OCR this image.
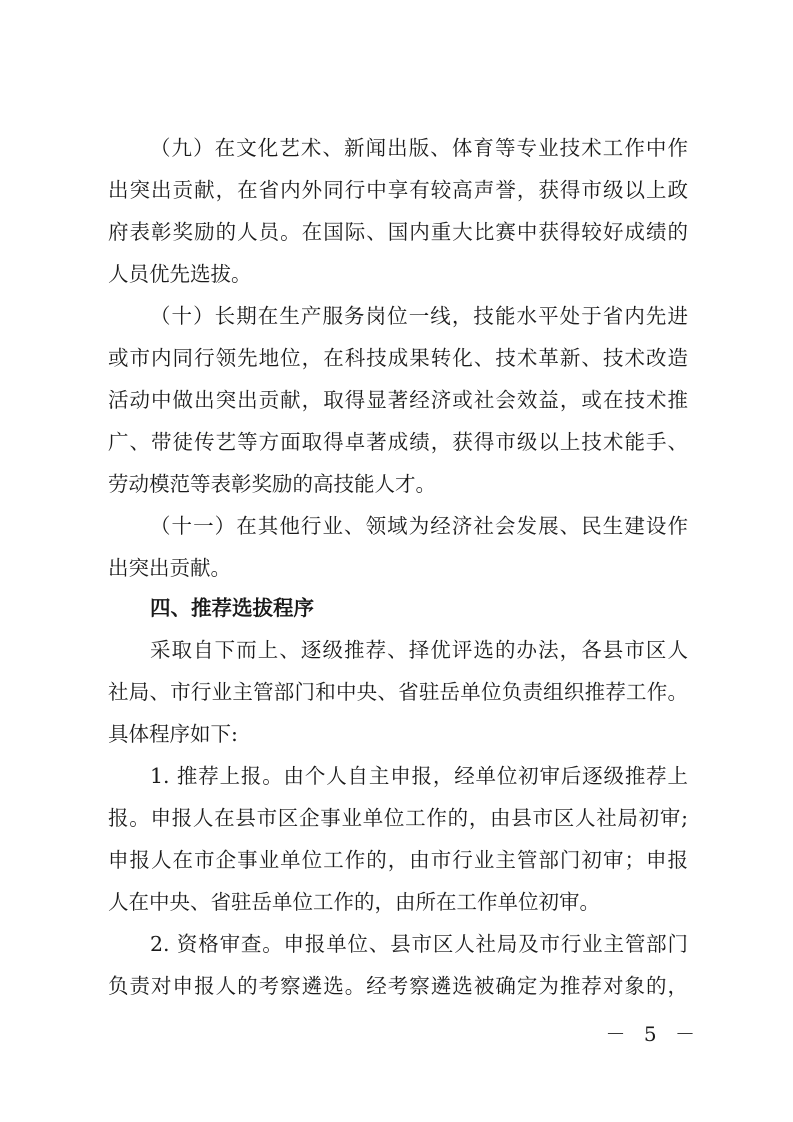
（九）在文化艺术、新闻出版、体育等专业技术工作中作
出突出贡献，在省内外同行中享有较高声誉，获得市级以上政
府表彰奖励的人员。在国际、国内重大比赛中获得较好成绩的
人员优先选拔。
（十）长期在生产服务岗位一线，技能水平处于省内先进
或市内同行领先地位，在科技成果转化、技术革新、技术改造
活动中做出突出贡献，取得显著经济或社会效益，或在技术推
广、带徒传艺等方面取得卓著成绩，获得市级以上技术能手、
劳动模范等表彰奖励的高技能人才。
（十一）在其他行业、领域为经济社会发展、民生建设作
出突出贡献。
四、推荐选拔程序
采取自下而上、逐级推荐、择优评选的办法，各县市区人
社局、市行业主管部门和中央、省驻岳单位负责组织推荐工作。
具体程序如下:
1. 推荐上报。由个人自主申报，经单位初审后逐级推荐上
报。申报人在县市区企事业单位工作的，由县市区人社局初审;
申报人在市企事业单位工作的，由市行业主管部门初审；申报
人在中央、省驻岳单位工作的，由所在工作单位初审。
2. 资格审查。申报单位、县市区人社局及市行业主管部门
负责对申报人的考察遴选。经考察遴选被确定为推荐对象的，
－ 5 －
